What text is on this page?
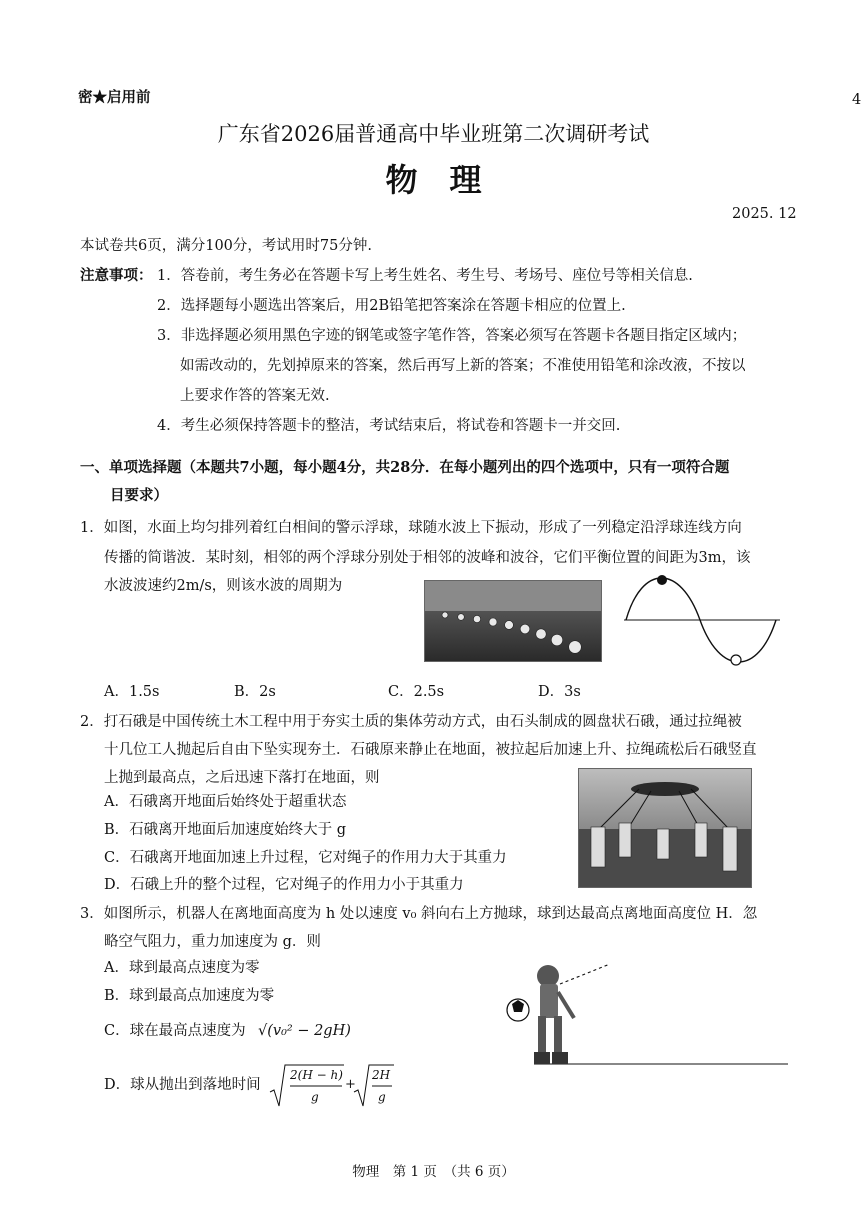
密★启用前	4
广东省2026届普通高中毕业班第二次调研考试
物　理
2025. 12
本试卷共6页，满分100分，考试用时75分钟.
注意事项： 1．答卷前，考生务必在答题卡写上考生姓名、考生号、考场号、座位号等相关信息.
2．选择题每小题选出答案后，用2B铅笔把答案涂在答题卡相应的位置上.
3．非选择题必须用黑色字迹的钢笔或签字笔作答，答案必须写在答题卡各题目指定区域内；
如需改动的，先划掉原来的答案，然后再写上新的答案；不准使用铅笔和涂改液，不按以
上要求作答的答案无效.
4．考生必须保持答题卡的整洁，考试结束后，将试卷和答题卡一并交回.
一、单项选择题（本题共7小题，每小题4分，共28分．在每小题列出的四个选项中，只有一项符合题
目要求）
1．如图，水面上均匀排列着红白相间的警示浮球，球随水波上下振动，形成了一列稳定沿浮球连线方向
传播的简谐波．某时刻，相邻的两个浮球分别处于相邻的波峰和波谷，它们平衡位置的间距为3m，该
水波波速约2m/s，则该水波的周期为
A．1.5s	B．2s	C．2.5s	D．3s
2．打石硪是中国传统土木工程中用于夯实土质的集体劳动方式，由石头制成的圆盘状石硪，通过拉绳被
十几位工人抛起后自由下坠实现夯土．石硪原来静止在地面，被拉起后加速上升、拉绳疏松后石硪竖直
上抛到最高点，之后迅速下落打在地面，则
A．石硪离开地面后始终处于超重状态
B．石硪离开地面后加速度始终大于 g
C．石硪离开地面加速上升过程，它对绳子的作用力大于其重力
D．石硪上升的整个过程，它对绳子的作用力小于其重力
3．如图所示，机器人在离地面高度为 h 处以速度 v₀ 斜向右上方抛球，球到达最高点离地面高度位 H．忽
略空气阻力，重力加速度为 g．则
A．球到最高点速度为零
B．球到最高点加速度为零
C．球在最高点速度为 √(v₀² − 2gH)
D．球从抛出到落地时间
2(H − h)
g
+
2H
g
物理　第 1 页　（共 6 页）
